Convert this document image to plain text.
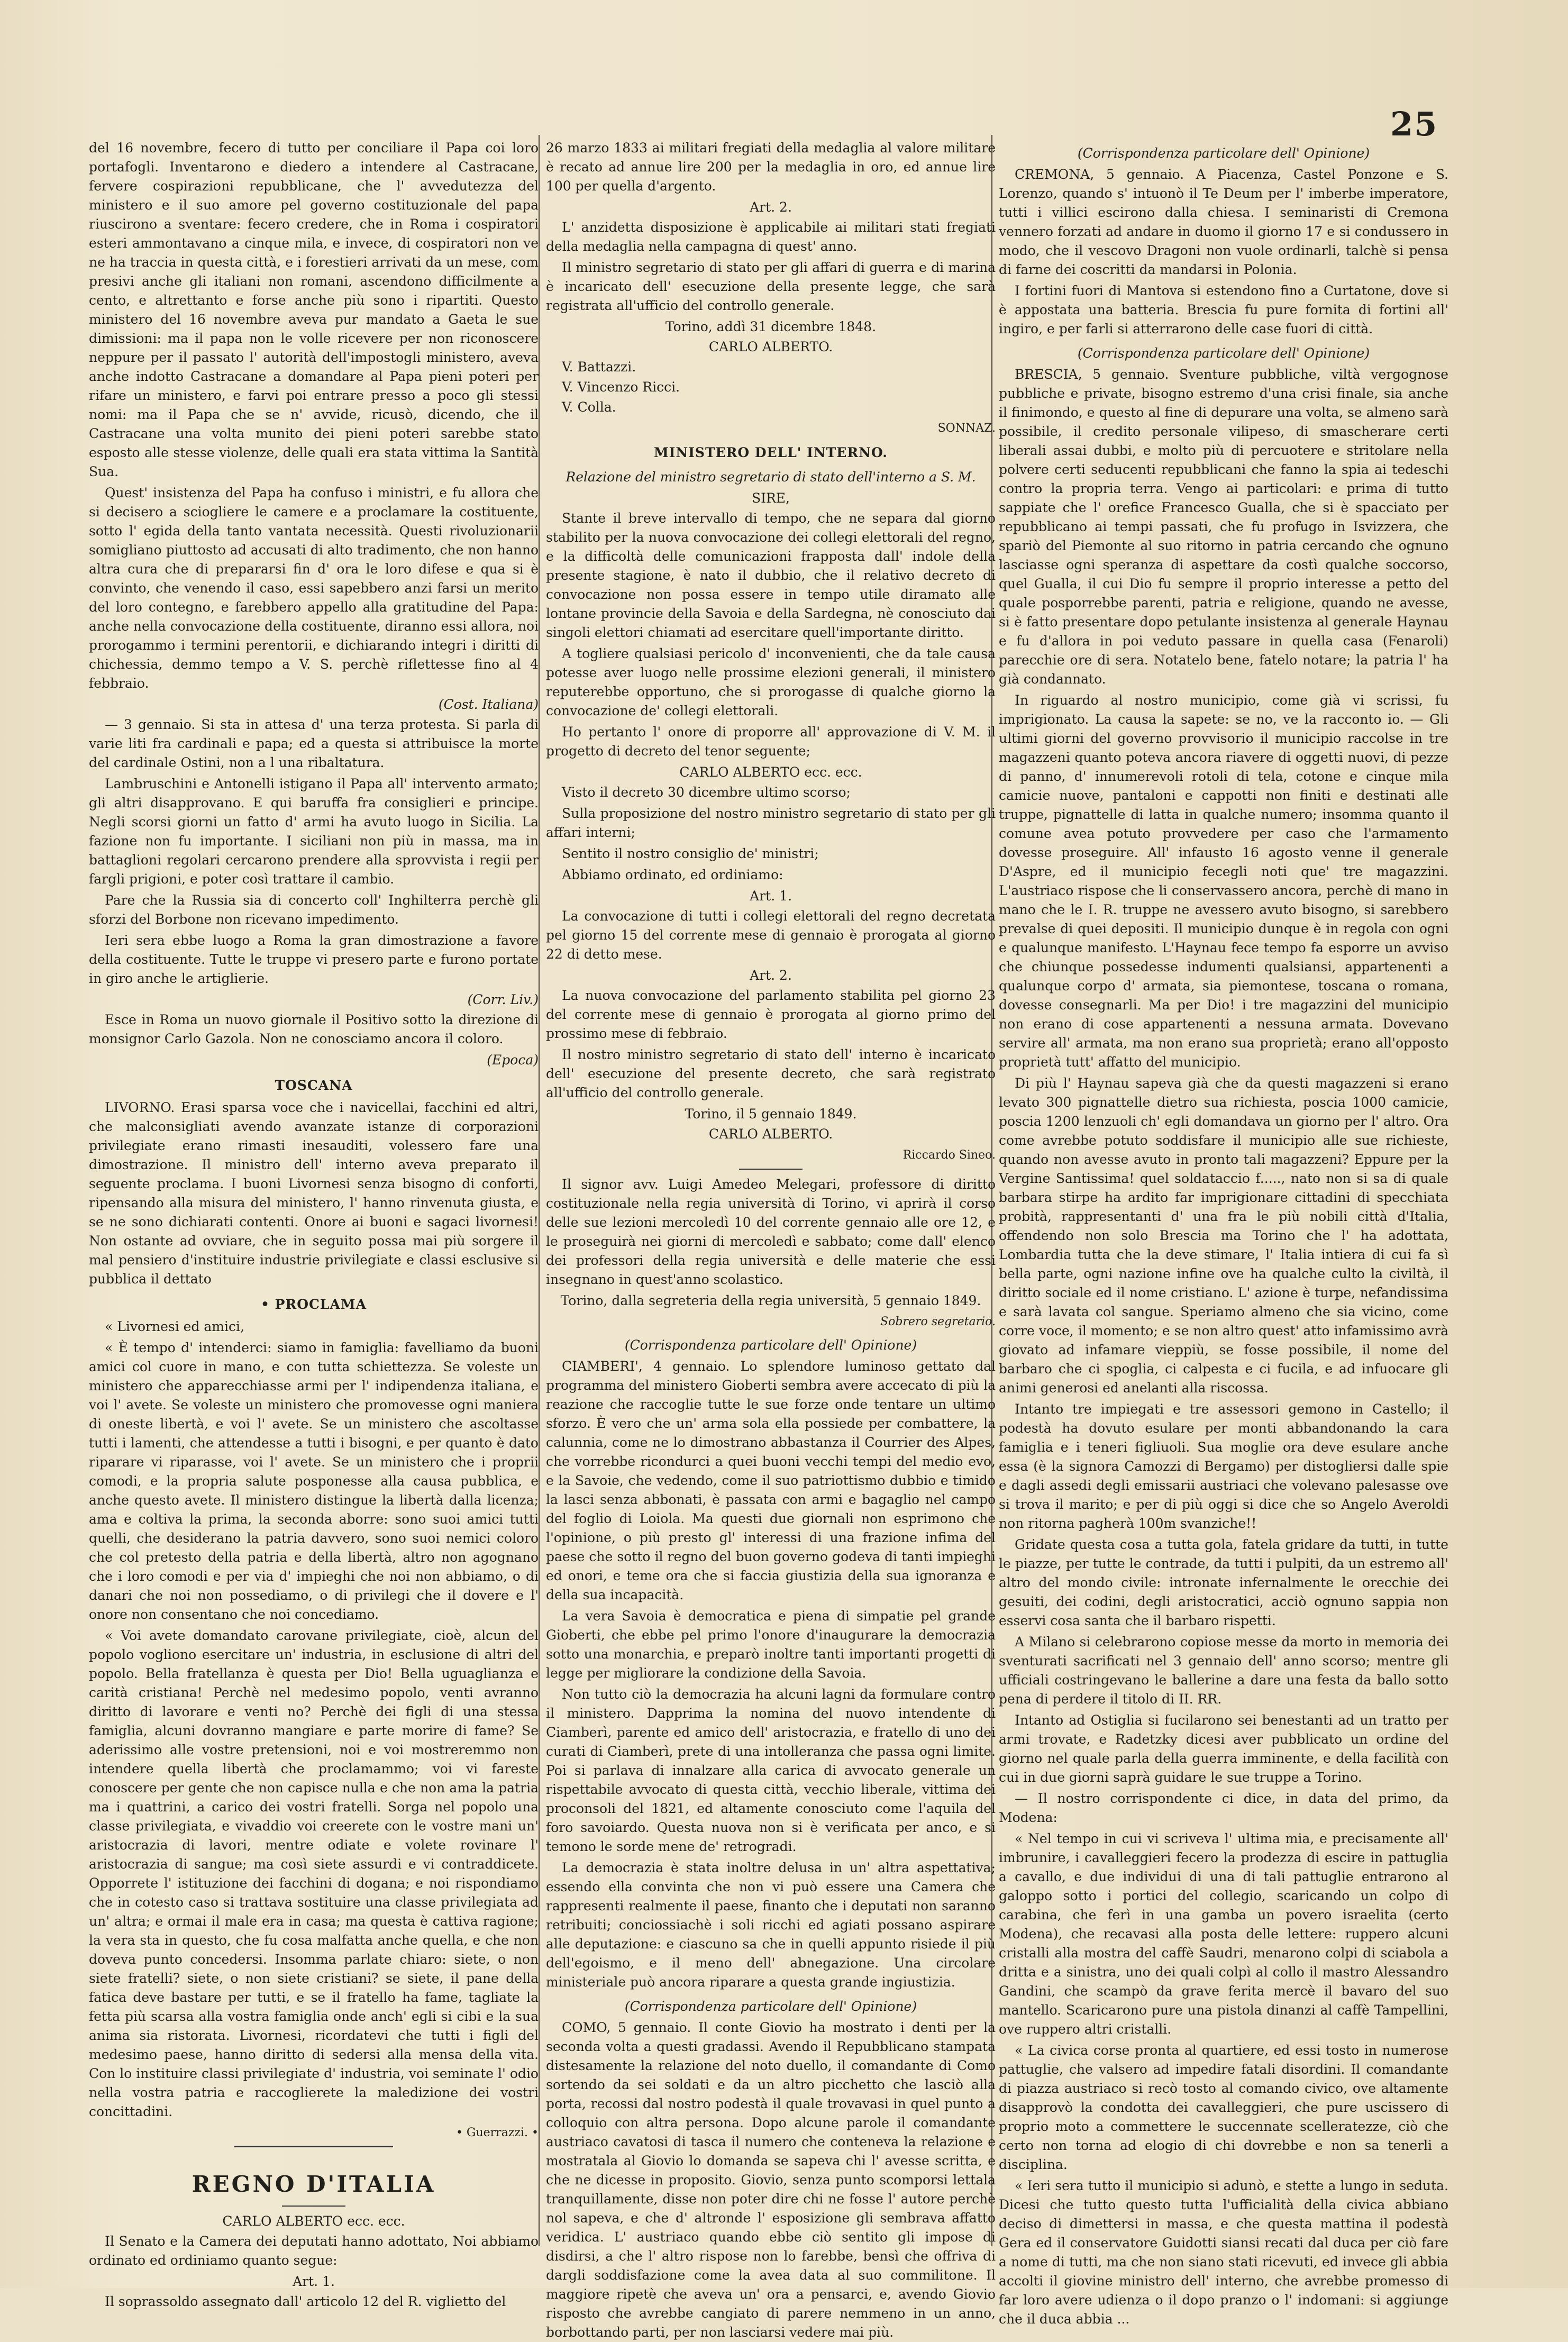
25

del 16 novembre, fecero di tutto per conciliare il Papa coi loro portafogli. Inventarono e diedero a intendere al Castracane, fervere cospirazioni repubblicane, che l' avvedutezza del ministero e il suo amore pel governo costituzionale del papa riuscirono a sventare: fecero credere, che in Roma i cospiratori esteri ammontavano a cinque mila, e invece, di cospiratori non ve ne ha traccia in questa città, e i forestieri arrivati da un mese, com presivi anche gli italiani non romani, ascendono difficilmente a cento, e altrettanto e forse anche più sono i ripartiti. Questo ministero del 16 novembre aveva pur mandato a Gaeta le sue dimissioni: ma il papa non le volle ricevere per non riconoscere neppure per il passato l' autorità dell'impostogli ministero, aveva anche indotto Castracane a domandare al Papa pieni poteri per rifare un ministero, e farvi poi entrare presso a poco gli stessi nomi: ma il Papa che se n' avvide, ricusò, dicendo, che il Castracane una volta munito dei pieni poteri sarebbe stato esposto alle stesse violenze, delle quali era stata vittima la Santità Sua.

Quest' insistenza del Papa ha confuso i ministri, e fu allora che si decisero a sciogliere le camere e a proclamare la costituente, sotto l' egida della tanto vantata necessità. Questi rivoluzionarii somigliano piuttosto ad accusati di alto tradimento, che non hanno altra cura che di prepararsi fin d' ora le loro difese e qua si è convinto, che venendo il caso, essi sapebbero anzi farsi un merito del loro contegno, e farebbero appello alla gratitudine del Papa: anche nella convocazione della costituente, diranno essi allora, noi prorogammo i termini perentorii, e dichiarando integri i diritti di chichessia, demmo tempo a V. S. perchè riflettesse fino al 4 febbraio.

(Cost. Italiana)

— 3 gennaio. Si sta in attesa d' una terza protesta. Si parla di varie liti fra cardinali e papa; ed a questa si attribuisce la morte del cardinale Ostini, non a l una ribaltatura.

Lambruschini e Antonelli istigano il Papa all' intervento armato; gli altri disapprovano. E qui baruffa fra consiglieri e principe. Negli scorsi giorni un fatto d' armi ha avuto luogo in Sicilia. La fazione non fu importante. I siciliani non più in massa, ma in battaglioni regolari cercarono prendere alla sprovvista i regii per fargli prigioni, e poter così trattare il cambio.

Pare che la Russia sia di concerto coll' Inghilterra perchè gli sforzi del Borbone non ricevano impedimento.

Ieri sera ebbe luogo a Roma la gran dimostrazione a favore della costituente. Tutte le truppe vi presero parte e furono portate in giro anche le artiglierie.

(Corr. Liv.)

Esce in Roma un nuovo giornale il Positivo sotto la direzione di monsignor Carlo Gazola. Non ne conosciamo ancora il coloro.

(Epoca)
TOSCANA

LIVORNO. Erasi sparsa voce che i navicellai, facchini ed altri, che malconsigliati avendo avanzate istanze di corporazioni privilegiate erano rimasti inesauditi, volessero fare una dimostrazione. Il ministro dell' interno aveva preparato il seguente proclama. I buoni Livornesi senza bisogno di conforti, ripensando alla misura del ministero, l' hanno rinvenuta giusta, e se ne sono dichiarati contenti. Onore ai buoni e sagaci livornesi! Non ostante ad ovviare, che in seguito possa mai più sorgere il mal pensiero d'instituire industrie privilegiate e classi esclusive si pubblica il dettato

• PROCLAMA

« Livornesi ed amici,

« È tempo d' intenderci: siamo in famiglia: favelliamo da buoni amici col cuore in mano, e con tutta schiettezza. Se voleste un ministero che apparecchiasse armi per l' indipendenza italiana, e voi l' avete. Se voleste un ministero che promovesse ogni maniera di oneste libertà, e voi l' avete. Se un ministero che ascoltasse tutti i lamenti, che attendesse a tutti i bisogni, e per quanto è dato riparare vi riparasse, voi l' avete. Se un ministero che i proprii comodi, e la propria salute posponesse alla causa pubblica, e anche questo avete. Il ministero distingue la libertà dalla licenza; ama e coltiva la prima, la seconda aborre: sono suoi amici tutti quelli, che desiderano la patria davvero, sono suoi nemici coloro che col pretesto della patria e della libertà, altro non agognano che i loro comodi e per via d' impieghi che noi non abbiamo, o di danari che noi non possediamo, o di privilegi che il dovere e l' onore non consentano che noi concediamo.

« Voi avete domandato carovane privilegiate, cioè, alcun del popolo vogliono esercitare un' industria, in esclusione di altri del popolo. Bella fratellanza è questa per Dio! Bella uguaglianza e carità cristiana! Perchè nel medesimo popolo, venti avranno diritto di lavorare e venti no? Perchè dei figli di una stessa famiglia, alcuni dovranno mangiare e parte morire di fame? Se aderissimo alle vostre pretensioni, noi e voi mostreremmo non intendere quella libertà che proclamammo; voi vi fareste conoscere per gente che non capisce nulla e che non ama la patria ma i quattrini, a carico dei vostri fratelli. Sorga nel popolo una classe privilegiata, e vivaddio voi creerete con le vostre mani un' aristocrazia di lavori, mentre odiate e volete rovinare l' aristocrazia di sangue; ma così siete assurdi e vi contraddicete. Opporrete l' istituzione dei facchini di dogana; e noi rispondiamo che in cotesto caso si trattava sostituire una classe privilegiata ad un' altra; e ormai il male era in casa; ma questa è cattiva ragione; la vera sta in questo, che fu cosa malfatta anche quella, e che non doveva punto concedersi. Insomma parlate chiaro: siete, o non siete fratelli? siete, o non siete cristiani? se siete, il pane della fatica deve bastare per tutti, e se il fratello ha fame, tagliate la fetta più scarsa alla vostra famiglia onde anch' egli si cibi e la sua anima sia ristorata. Livornesi, ricordatevi che tutti i figli del medesimo paese, hanno diritto di sedersi alla mensa della vita. Con lo instituire classi privilegiate d' industria, voi seminate l' odio nella vostra patria e raccoglierete la maledizione dei vostri concittadini.

• Guerrazzi. •
REGNO D'ITALIA
CARLO ALBERTO ecc. ecc.

Il Senato e la Camera dei deputati hanno adottato, Noi abbiamo ordinato ed ordiniamo quanto segue:

Art. 1.

Il soprassoldo assegnato dall' articolo 12 del R. viglietto del

26 marzo 1833 ai militari fregiati della medaglia al valore militare è recato ad annue lire 200 per la medaglia in oro, ed annue lire 100 per quella d'argento.

Art. 2.

L' anzidetta disposizione è applicabile ai militari stati fregiati della medaglia nella campagna di quest' anno.

Il ministro segretario di stato per gli affari di guerra e di marina è incaricato dell' esecuzione della presente legge, che sarà registrata all'ufficio del controllo generale.

Torino, addì 31 dicembre 1848.
CARLO ALBERTO.
V. Battazzi.
V. Vincenzo Ricci.
V. Colla.
SONNAZ.
MINISTERO DELL' INTERNO.
Relazione del ministro segretario di stato dell'interno a S. M.
SIRE,

Stante il breve intervallo di tempo, che ne separa dal giorno stabilito per la nuova convocazione dei collegi elettorali del regno, e la difficoltà delle comunicazioni frapposta dall' indole della presente stagione, è nato il dubbio, che il relativo decreto di convocazione non possa essere in tempo utile diramato alle lontane provincie della Savoia e della Sardegna, nè conosciuto dai singoli elettori chiamati ad esercitare quell'importante diritto.

A togliere qualsiasi pericolo d' inconvenienti, che da tale causa potesse aver luogo nelle prossime elezioni generali, il ministero reputerebbe opportuno, che si prorogasse di qualche giorno la convocazione de' collegi elettorali.

Ho pertanto l' onore di proporre all' approvazione di V. M. il progetto di decreto del tenor seguente;

CARLO ALBERTO ecc. ecc.

Visto il decreto 30 dicembre ultimo scorso;

Sulla proposizione del nostro ministro segretario di stato per gli affari interni;

Sentito il nostro consiglio de' ministri;

Abbiamo ordinato, ed ordiniamo:

Art. 1.

La convocazione di tutti i collegi elettorali del regno decretata pel giorno 15 del corrente mese di gennaio è prorogata al giorno 22 di detto mese.

Art. 2.

La nuova convocazione del parlamento stabilita pel giorno 23 del corrente mese di gennaio è prorogata al giorno primo del prossimo mese di febbraio.

Il nostro ministro segretario di stato dell' interno è incaricato dell' esecuzione del presente decreto, che sarà registrato all'ufficio del controllo generale.

Torino, il 5 gennaio 1849.
CARLO ALBERTO.
Riccardo Sineo.

Il signor avv. Luigi Amedeo Melegari, professore di diritto costituzionale nella regia università di Torino, vi aprirà il corso delle sue lezioni mercoledì 10 del corrente gennaio alle ore 12, e le proseguirà nei giorni di mercoledì e sabbato; come dall' elenco dei professori della regia università e delle materie che essi insegnano in quest'anno scolastico.

Torino, dalla segreteria della regia università, 5 gennaio 1849.
Sobrero segretario.
(Corrispondenza particolare dell' Opinione)

CIAMBERI', 4 gennaio. Lo splendore luminoso gettato dal programma del ministero Gioberti sembra avere accecato di più la reazione che raccoglie tutte le sue forze onde tentare un ultimo sforzo. È vero che un' arma sola ella possiede per combattere, la calunnia, come ne lo dimostrano abbastanza il Courrier des Alpes, che vorrebbe ricondurci a quei buoni vecchi tempi del medio evo, e la Savoie, che vedendo, come il suo patriottismo dubbio e timido la lasci senza abbonati, è passata con armi e bagaglio nel campo del foglio di Loiola. Ma questi due giornali non esprimono che l'opinione, o più presto gl' interessi di una frazione infima del paese che sotto il regno del buon governo godeva di tanti impieghi ed onori, e teme ora che si faccia giustizia della sua ignoranza e della sua incapacità.

La vera Savoia è democratica e piena di simpatie pel grande Gioberti, che ebbe pel primo l'onore d'inaugurare la democrazia sotto una monarchia, e preparò inoltre tanti importanti progetti di legge per migliorare la condizione della Savoia.

Non tutto ciò la democrazia ha alcuni lagni da formulare contro il ministero. Dapprima la nomina del nuovo intendente di Ciamberì, parente ed amico dell' aristocrazia, e fratello di uno dei curati di Ciamberì, prete di una intolleranza che passa ogni limite. Poi si parlava di innalzare alla carica di avvocato generale un rispettabile avvocato di questa città, vecchio liberale, vittima dei proconsoli del 1821, ed altamente conosciuto come l'aquila del foro savoiardo. Questa nuova non si è verificata per anco, e si temono le sorde mene de' retrogradi.

La democrazia è stata inoltre delusa in un' altra aspettativa; essendo ella convinta che non vi può essere una Camera che rappresenti realmente il paese, finanto che i deputati non saranno retribuiti; conciossiachè i soli ricchi ed agiati possano aspirare alle deputazione: e ciascuno sa che in quelli appunto risiede il più dell'egoismo, e il meno dell' abnegazione. Una circolare ministeriale può ancora riparare a questa grande ingiustizia.

(Corrispondenza particolare dell' Opinione)

COMO, 5 gennaio. Il conte Giovio ha mostrato i denti per la seconda volta a questi gradassi. Avendo il Repubblicano stampata distesamente la relazione del noto duello, il comandante di Como sortendo da sei soldati e da un altro picchetto che lasciò alla porta, recossi dal nostro podestà il quale trovavasi in quel punto a colloquio con altra persona. Dopo alcune parole il comandante austriaco cavatosi di tasca il numero che conteneva la relazione e mostratala al Giovio lo domanda se sapeva chi l' avesse scritta, e che ne dicesse in proposito. Giovio, senza punto scomporsi lettala tranquillamente, disse non poter dire chi ne fosse l' autore perchè nol sapeva, e che d' altronde l' esposizione gli sembrava affatto veridica. L' austriaco quando ebbe ciò sentito gli impose di disdirsi, a che l' altro rispose non lo farebbe, bensì che offriva di dargli soddisfazione come la avea data al suo commilitone. Il maggiore ripetè che aveva un' ora a pensarci, e, avendo Giovio risposto che avrebbe cangiato di parere nemmeno in un anno, borbottando parti, per non lasciarsi vedere mai più.

(Corrispondenza particolare dell' Opinione)

CREMONA, 5 gennaio. A Piacenza, Castel Ponzone e S. Lorenzo, quando s' intuonò il Te Deum per l' imberbe imperatore, tutti i villici escirono dalla chiesa. I seminaristi di Cremona vennero forzati ad andare in duomo il giorno 17 e si condussero in modo, che il vescovo Dragoni non vuole ordinarli, talchè si pensa di farne dei coscritti da mandarsi in Polonia.

I fortini fuori di Mantova si estendono fino a Curtatone, dove si è appostata una batteria. Brescia fu pure fornita di fortini all' ingiro, e per farli si atterrarono delle case fuori di città.

(Corrispondenza particolare dell' Opinione)

BRESCIA, 5 gennaio. Sventure pubbliche, viltà vergognose pubbliche e private, bisogno estremo d'una crisi finale, sia anche il finimondo, e questo al fine di depurare una volta, se almeno sarà possibile, il credito personale vilipeso, di smascherare certi liberali assai dubbi, e molto più di percuotere e stritolare nella polvere certi seducenti repubblicani che fanno la spia ai tedeschi contro la propria terra. Vengo ai particolari: e prima di tutto sappiate che l' orefice Francesco Gualla, che si è spacciato per repubblicano ai tempi passati, che fu profugo in Isvizzera, che spariò del Piemonte al suo ritorno in patria cercando che ognuno lasciasse ogni speranza di aspettare da costì qualche soccorso, quel Gualla, il cui Dio fu sempre il proprio interesse a petto del quale posporrebbe parenti, patria e religione, quando ne avesse, si è fatto presentare dopo petulante insistenza al generale Haynau e fu d'allora in poi veduto passare in quella casa (Fenaroli) parecchie ore di sera. Notatelo bene, fatelo notare; la patria l' ha già condannato.

In riguardo al nostro municipio, come già vi scrissi, fu imprigionato. La causa la sapete: se no, ve la racconto io. — Gli ultimi giorni del governo provvisorio il municipio raccolse in tre magazzeni quanto poteva ancora riavere di oggetti nuovi, di pezze di panno, d' innumerevoli rotoli di tela, cotone e cinque mila camicie nuove, pantaloni e cappotti non finiti e destinati alle truppe, pignattelle di latta in qualche numero; insomma quanto il comune avea potuto provvedere per caso che l'armamento dovesse proseguire. All' infausto 16 agosto venne il generale D'Aspre, ed il municipio fecegli noti que' tre magazzini. L'austriaco rispose che li conservassero ancora, perchè di mano in mano che le I. R. truppe ne avessero avuto bisogno, si sarebbero prevalse di quei depositi. Il municipio dunque è in regola con ogni e qualunque manifesto. L'Haynau fece tempo fa esporre un avviso che chiunque possedesse indumenti qualsiansi, appartenenti a qualunque corpo d' armata, sia piemontese, toscana o romana, dovesse consegnarli. Ma per Dio! i tre magazzini del municipio non erano di cose appartenenti a nessuna armata. Dovevano servire all' armata, ma non erano sua proprietà; erano all'opposto proprietà tutt' affatto del municipio.

Di più l' Haynau sapeva già che da questi magazzeni si erano levato 300 pignattelle dietro sua richiesta, poscia 1000 camicie, poscia 1200 lenzuoli ch' egli domandava un giorno per l' altro. Ora come avrebbe potuto soddisfare il municipio alle sue richieste, quando non avesse avuto in pronto tali magazzeni? Eppure per la Vergine Santissima! quel soldataccio f....., nato non si sa di quale barbara stirpe ha ardito far imprigionare cittadini di specchiata probità, rappresentanti d' una fra le più nobili città d'Italia, offendendo non solo Brescia ma Torino che l' ha adottata, Lombardia tutta che la deve stimare, l' Italia intiera di cui fa sì bella parte, ogni nazione infine ove ha qualche culto la civiltà, il diritto sociale ed il nome cristiano. L' azione è turpe, nefandissima e sarà lavata col sangue. Speriamo almeno che sia vicino, come corre voce, il momento; e se non altro quest' atto infamissimo avrà giovato ad infamare vieppiù, se fosse possibile, il nome del barbaro che ci spoglia, ci calpesta e ci fucila, e ad infuocare gli animi generosi ed anelanti alla riscossa.

Intanto tre impiegati e tre assessori gemono in Castello; il podestà ha dovuto esulare per monti abbandonando la cara famiglia e i teneri figliuoli. Sua moglie ora deve esulare anche essa (è la signora Camozzi di Bergamo) per distogliersi dalle spie e dagli assedi degli emissarii austriaci che volevano palesasse ove si trova il marito; e per di più oggi si dice che so Angelo Averoldi non ritorna pagherà 100m svanziche!!

Gridate questa cosa a tutta gola, fatela gridare da tutti, in tutte le piazze, per tutte le contrade, da tutti i pulpiti, da un estremo all' altro del mondo civile: intronate infernalmente le orecchie dei gesuiti, dei codini, degli aristocratici, acciò ognuno sappia non esservi cosa santa che il barbaro rispetti.

A Milano si celebrarono copiose messe da morto in memoria dei sventurati sacrificati nel 3 gennaio dell' anno scorso; mentre gli ufficiali costringevano le ballerine a dare una festa da ballo sotto pena di perdere il titolo di II. RR.

Intanto ad Ostiglia si fucilarono sei benestanti ad un tratto per armi trovate, e Radetzky dicesi aver pubblicato un ordine del giorno nel quale parla della guerra imminente, e della facilità con cui in due giorni saprà guidare le sue truppe a Torino.

— Il nostro corrispondente ci dice, in data del primo, da Modena:

« Nel tempo in cui vi scriveva l' ultima mia, e precisamente all' imbrunire, i cavalleggieri fecero la prodezza di escire in pattuglia a cavallo, e due individui di una di tali pattuglie entrarono al galoppo sotto i portici del collegio, scaricando un colpo di carabina, che ferì in una gamba un povero israelita (certo Modena), che recavasi alla posta delle lettere: ruppero alcuni cristalli alla mostra del caffè Saudri, menarono colpi di sciabola a dritta e a sinistra, uno dei quali colpì al collo il mastro Alessandro Gandini, che scampò da grave ferita mercè il bavaro del suo mantello. Scaricarono pure una pistola dinanzi al caffè Tampellini, ove ruppero altri cristalli.

« La civica corse pronta al quartiere, ed essi tosto in numerose pattuglie, che valsero ad impedire fatali disordini. Il comandante di piazza austriaco si recò tosto al comando civico, ove altamente disapprovò la condotta dei cavalleggieri, che pure uscissero di proprio moto a commettere le succennate scelleratezze, ciò che certo non torna ad elogio di chi dovrebbe e non sa tenerli a disciplina.

« Ieri sera tutto il municipio si adunò, e stette a lungo in seduta. Dicesi che tutto questo tutta l'ufficialità della civica abbiano deciso di dimettersi in massa, e che questa mattina il podestà Gera ed il conservatore Guidotti siansi recati dal duca per ciò fare a nome di tutti, ma che non siano stati ricevuti, ed invece gli abbia accolti il giovine ministro dell' interno, che avrebbe promesso di far loro avere udienza o il dopo pranzo o l' indomani: si aggiunge che il duca abbia ...
